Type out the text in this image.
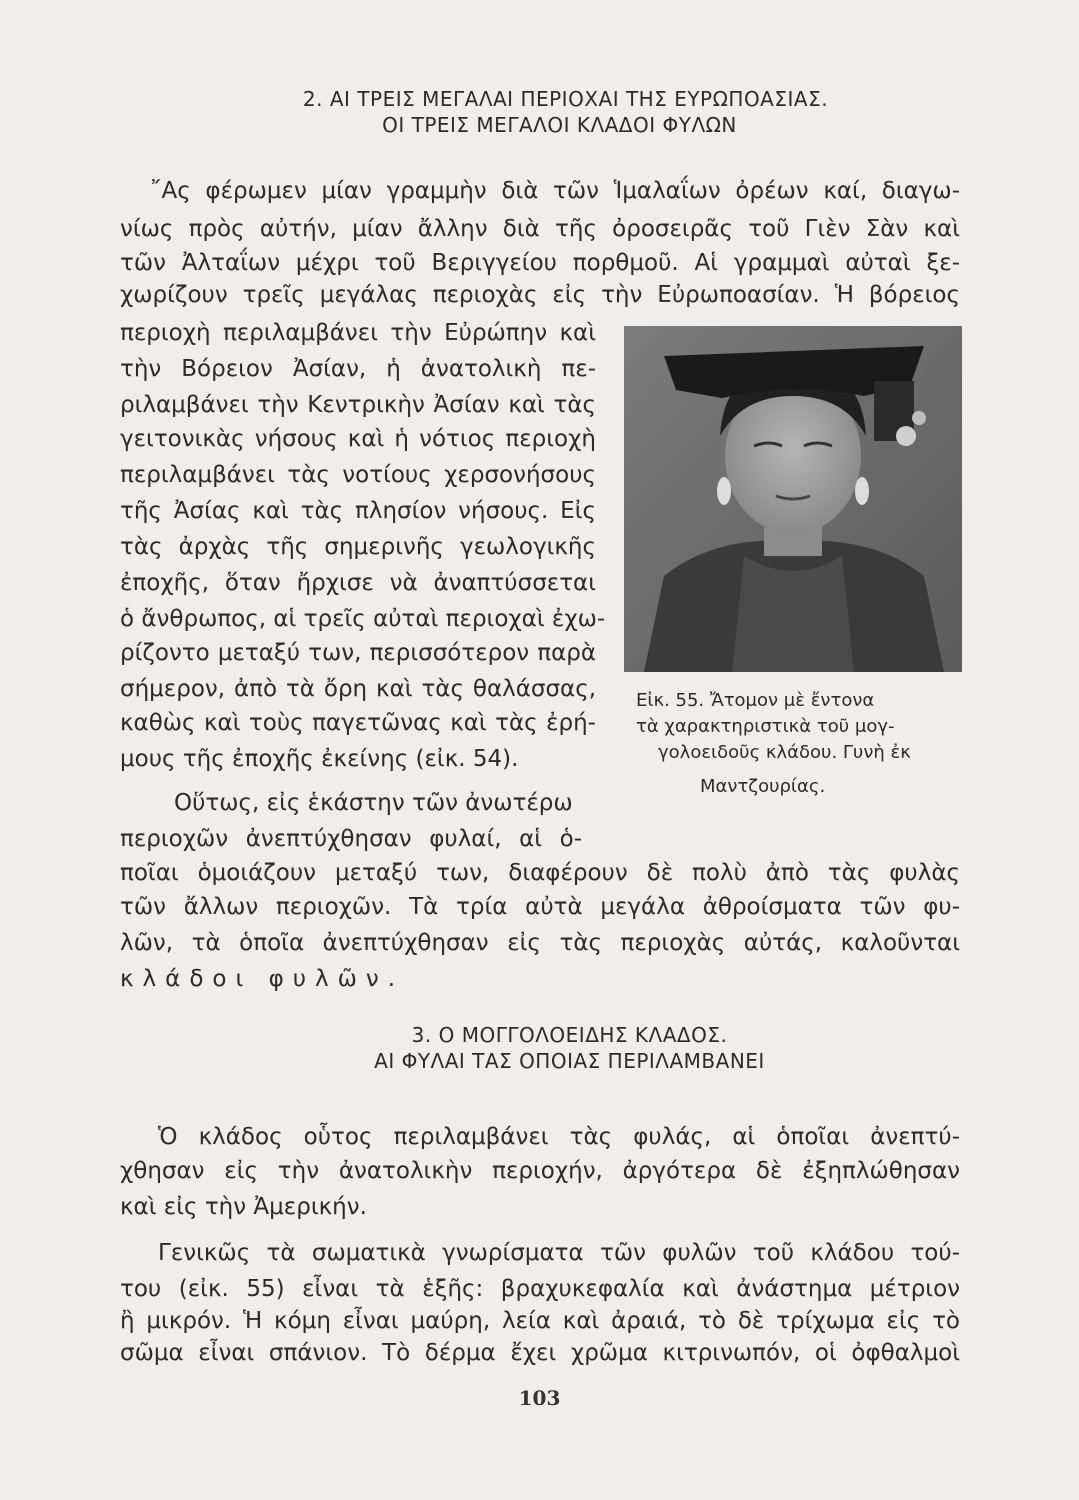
2. ΑΙ ΤΡΕΙΣ ΜΕΓΑΛΑΙ ΠΕΡΙΟΧΑΙ ΤΗΣ ΕΥΡΩΠΟΑΣΙΑΣ.
ΟΙ ΤΡΕΙΣ ΜΕΓΑΛΟΙ ΚΛΑΔΟΙ ΦΥΛΩΝ
῎Ας φέρωμεν μίαν γραμμὴν διὰ τῶν Ἱμαλαΐων ὀρέων καί, διαγω-
νίως πρὸς αὐτήν, μίαν ἄλλην διὰ τῆς ὀροσειρᾶς τοῦ Γιὲν Σὰν καὶ
τῶν Ἀλταΐων μέχρι τοῦ Βεριγγείου πορθμοῦ. Αἱ γραμμαὶ αὐταὶ ξε-
χωρίζουν τρεῖς μεγάλας περιοχὰς εἰς τὴν Εὐρωποασίαν. Ἡ βόρειος
περιοχὴ περιλαμβάνει τὴν Εὐρώπην καὶ
τὴν Βόρειον Ἀσίαν, ἡ ἀνατολικὴ πε-
ριλαμβάνει τὴν Κεντρικὴν Ἀσίαν καὶ τὰς
γειτονικὰς νήσους καὶ ἡ νότιος περιοχὴ
περιλαμβάνει τὰς νοτίους χερσονήσους
τῆς Ἀσίας καὶ τὰς πλησίον νήσους. Εἰς
τὰς ἀρχὰς τῆς σημερινῆς γεωλογικῆς
ἐποχῆς, ὅταν ἤρχισε νὰ ἀναπτύσσεται
ὁ ἄνθρωπος, αἱ τρεῖς αὐταὶ περιοχαὶ ἐχω-
ρίζοντο μεταξύ των, περισσότερον παρὰ
σήμερον, ἀπὸ τὰ ὄρη καὶ τὰς θαλάσσας,
καθὼς καὶ τοὺς παγετῶνας καὶ τὰς ἐρή-
μους τῆς ἐποχῆς ἐκείνης (εἰκ. 54).
Οὕτως, εἰς ἑκάστην τῶν ἀνωτέρω
περιοχῶν ἀνεπτύχθησαν φυλαί, αἱ ὁ-
ποῖαι ὁμοιάζουν μεταξύ των, διαφέρουν δὲ πολὺ ἀπὸ τὰς φυλὰς
τῶν ἄλλων περιοχῶν. Τὰ τρία αὐτὰ μεγάλα ἀθροίσματα τῶν φυ-
λῶν, τὰ ὁποῖα ἀνεπτύχθησαν εἰς τὰς περιοχὰς αὐτάς, καλοῦνται
κλάδοι φυλῶν.
Εἰκ. 55. Ἄτομον μὲ ἔντονα
τὰ χαρακτηριστικὰ τοῦ μογ-
γολοειδοῦς κλάδου. Γυνὴ ἐκ
Μαντζουρίας.
3. Ο ΜΟΓΓΟΛΟΕΙΔΗΣ ΚΛΑΔΟΣ.
ΑΙ ΦΥΛΑΙ ΤΑΣ ΟΠΟΙΑΣ ΠΕΡΙΛΑΜΒΑΝΕΙ
Ὁ κλάδος οὗτος περιλαμβάνει τὰς φυλάς, αἱ ὁποῖαι ἀνεπτύ-
χθησαν εἰς τὴν ἀνατολικὴν περιοχήν, ἀργότερα δὲ ἐξηπλώθησαν
καὶ εἰς τὴν Ἀμερικήν.
Γενικῶς τὰ σωματικὰ γνωρίσματα τῶν φυλῶν τοῦ κλάδου τού-
του (εἰκ. 55) εἶναι τὰ ἑξῆς: βραχυκεφαλία καὶ ἀνάστημα μέτριον
ἢ μικρόν. Ἡ κόμη εἶναι μαύρη, λεία καὶ ἀραιά, τὸ δὲ τρίχωμα εἰς τὸ
σῶμα εἶναι σπάνιον. Τὸ δέρμα ἔχει χρῶμα κιτρινωπόν, οἱ ὀφθαλμοὶ
103
